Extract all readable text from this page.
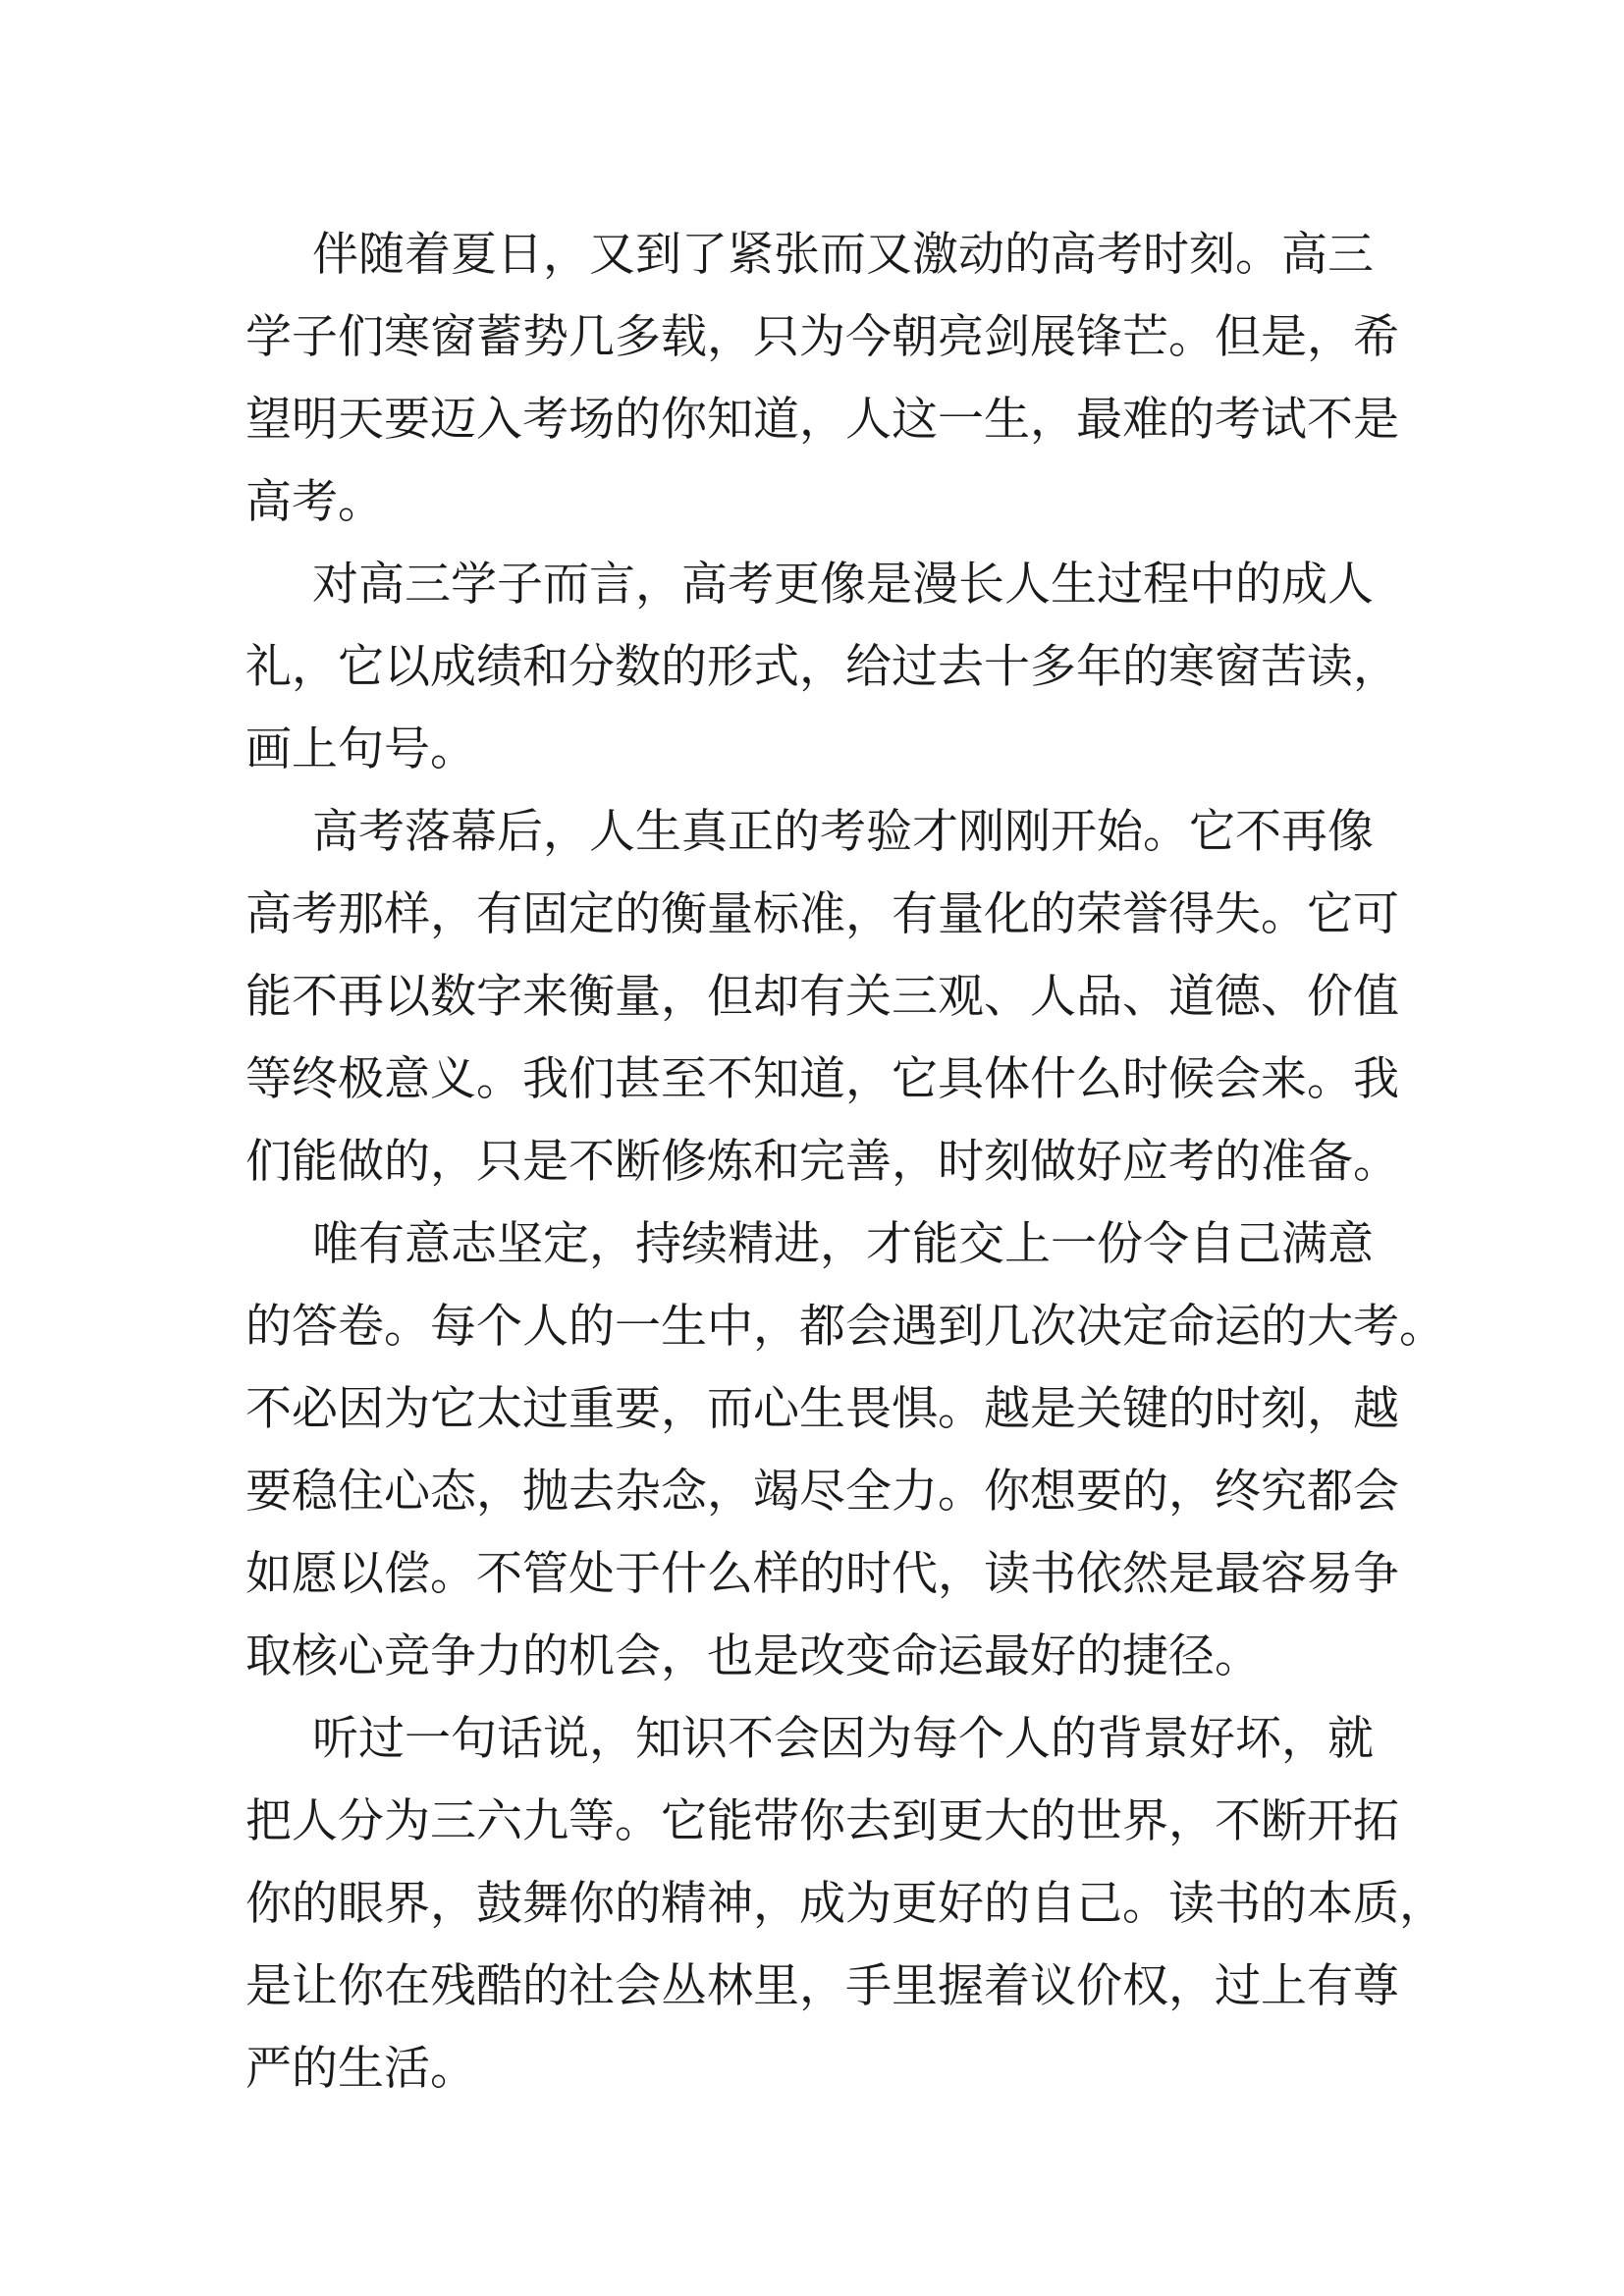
伴随着夏日，又到了紧张而又激动的高考时刻。高三
学子们寒窗蓄势几多载，只为今朝亮剑展锋芒。但是，希
望明天要迈入考场的你知道，人这一生，最难的考试不是
高考。
对高三学子而言，高考更像是漫长人生过程中的成人
礼，它以成绩和分数的形式，给过去十多年的寒窗苦读，
画上句号。
高考落幕后，人生真正的考验才刚刚开始。它不再像
高考那样，有固定的衡量标准，有量化的荣誉得失。它可
能不再以数字来衡量，但却有关三观、人品、道德、价值
等终极意义。我们甚至不知道，它具体什么时候会来。我
们能做的，只是不断修炼和完善，时刻做好应考的准备。
唯有意志坚定，持续精进，才能交上一份令自己满意
的答卷。每个人的一生中，都会遇到几次决定命运的大考。
不必因为它太过重要，而心生畏惧。越是关键的时刻，越
要稳住心态，抛去杂念，竭尽全力。你想要的，终究都会
如愿以偿。不管处于什么样的时代，读书依然是最容易争
取核心竞争力的机会，也是改变命运最好的捷径。
听过一句话说，知识不会因为每个人的背景好坏，就
把人分为三六九等。它能带你去到更大的世界，不断开拓
你的眼界，鼓舞你的精神，成为更好的自己。读书的本质，
是让你在残酷的社会丛林里，手里握着议价权，过上有尊
严的生活。
